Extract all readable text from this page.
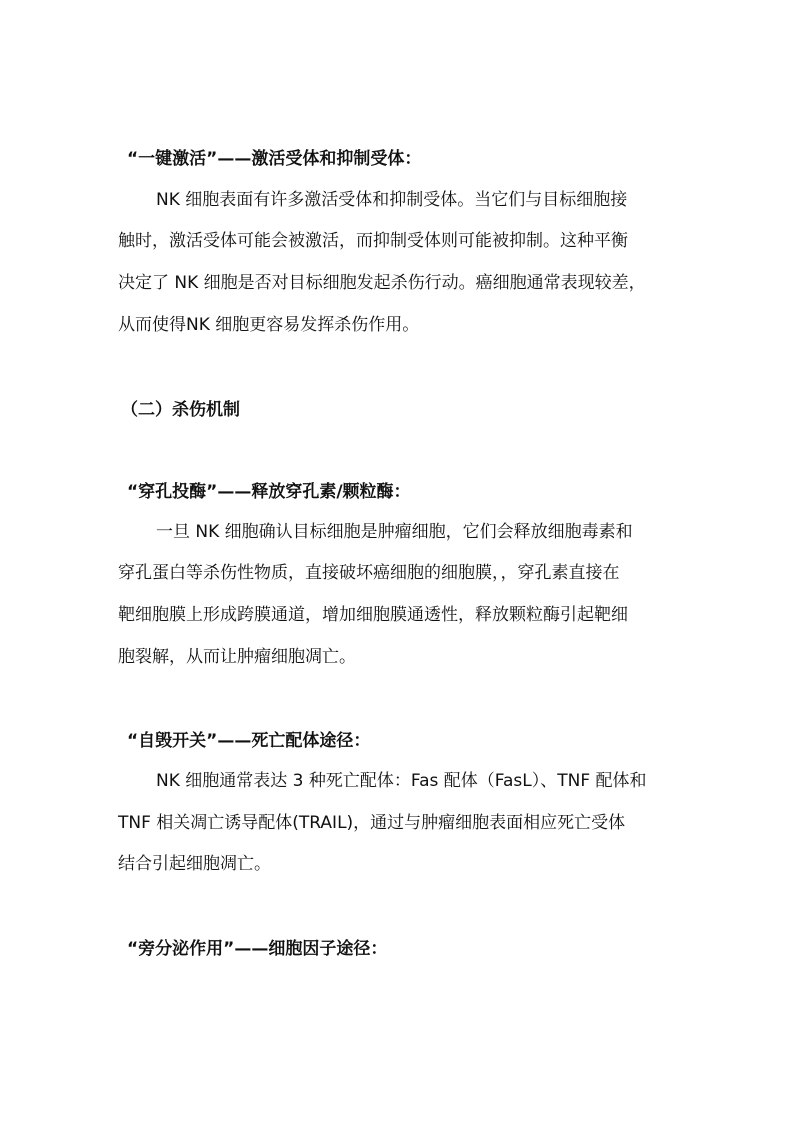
“一键激活”——激活受体和抑制受体：
NK 细胞表面有许多激活受体和抑制受体。当它们与目标细胞接
触时，激活受体可能会被激活，而抑制受体则可能被抑制。这种平衡
决定了 NK 细胞是否对目标细胞发起杀伤行动。癌细胞通常表现较差，
从而使得NK 细胞更容易发挥杀伤作用。
（二）杀伤机制
“穿孔投酶”——释放穿孔素/颗粒酶：
一旦 NK 细胞确认目标细胞是肿瘤细胞，它们会释放细胞毒素和
穿孔蛋白等杀伤性物质，直接破坏癌细胞的细胞膜，，穿孔素直接在
靶细胞膜上形成跨膜通道，增加细胞膜通透性，释放颗粒酶引起靶细
胞裂解，从而让肿瘤细胞凋亡。
“自毁开关”——死亡配体途径：
NK 细胞通常表达 3 种死亡配体：Fas 配体（FasL）、TNF 配体和
TNF 相关凋亡诱导配体(TRAIL)，通过与肿瘤细胞表面相应死亡受体
结合引起细胞凋亡。
“旁分泌作用”——细胞因子途径：
